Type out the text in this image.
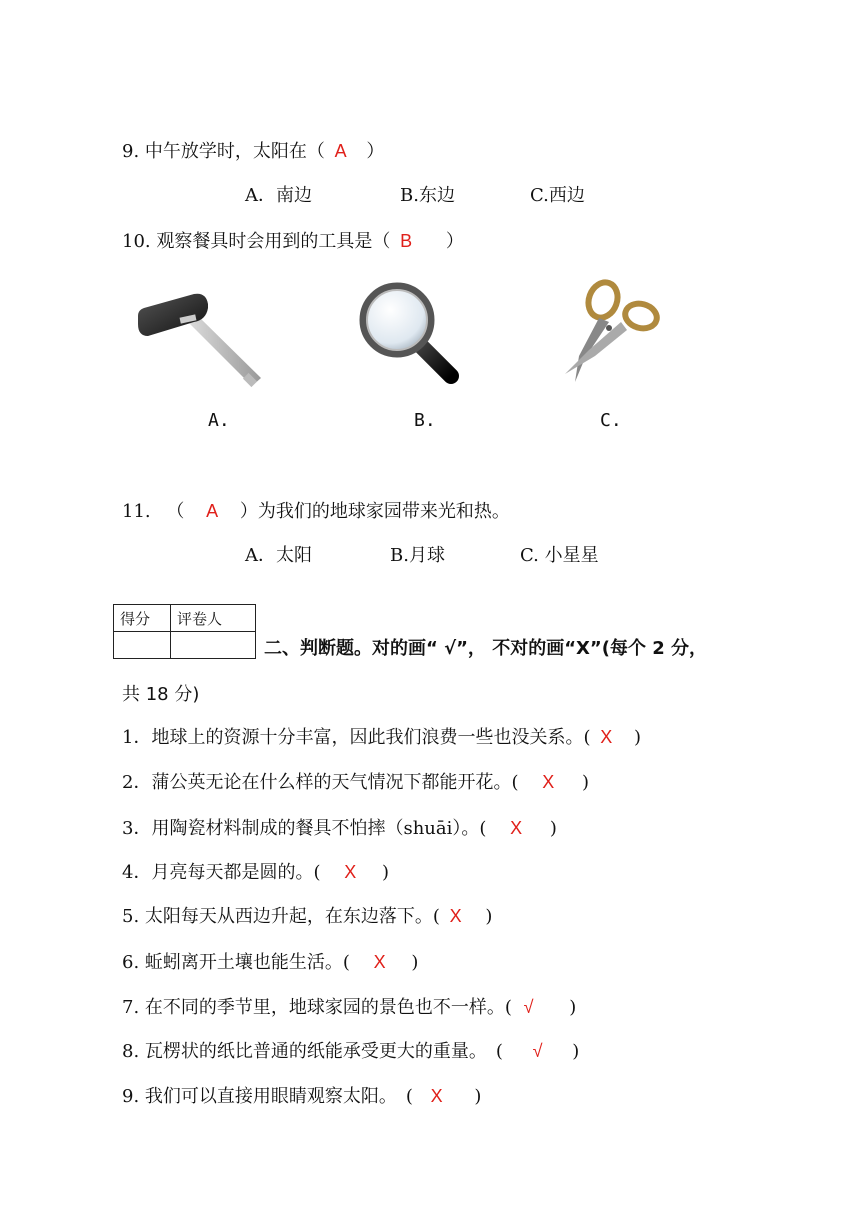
9. 中午放学时，太阳在（ A ）
A．南边	B.东边	C.西边
10. 观察餐具时会用到的工具是（ B ）
A.	B.	C.
11. （ A ）为我们的地球家园带来光和热。
A．太阳	B.月球	C. 小星星
得分	评卷人

二、判断题。对的画“ √”， 不对的画“X”(每个 2 分，
共 18 分)
1．地球上的资源十分丰富，因此我们浪费一些也没关系。( X )
2．蒲公英无论在什么样的天气情况下都能开花。( X )
3．用陶瓷材料制成的餐具不怕摔（shuāi）。( X )
4．月亮每天都是圆的。( X )
5. 太阳每天从西边升起，在东边落下。( X )
6. 蚯蚓离开土壤也能生活。( X )
7. 在不同的季节里，地球家园的景色也不一样。( √ )
8. 瓦楞状的纸比普通的纸能承受更大的重量。　( √ )
9. 我们可以直接用眼睛观察太阳。　( X )
